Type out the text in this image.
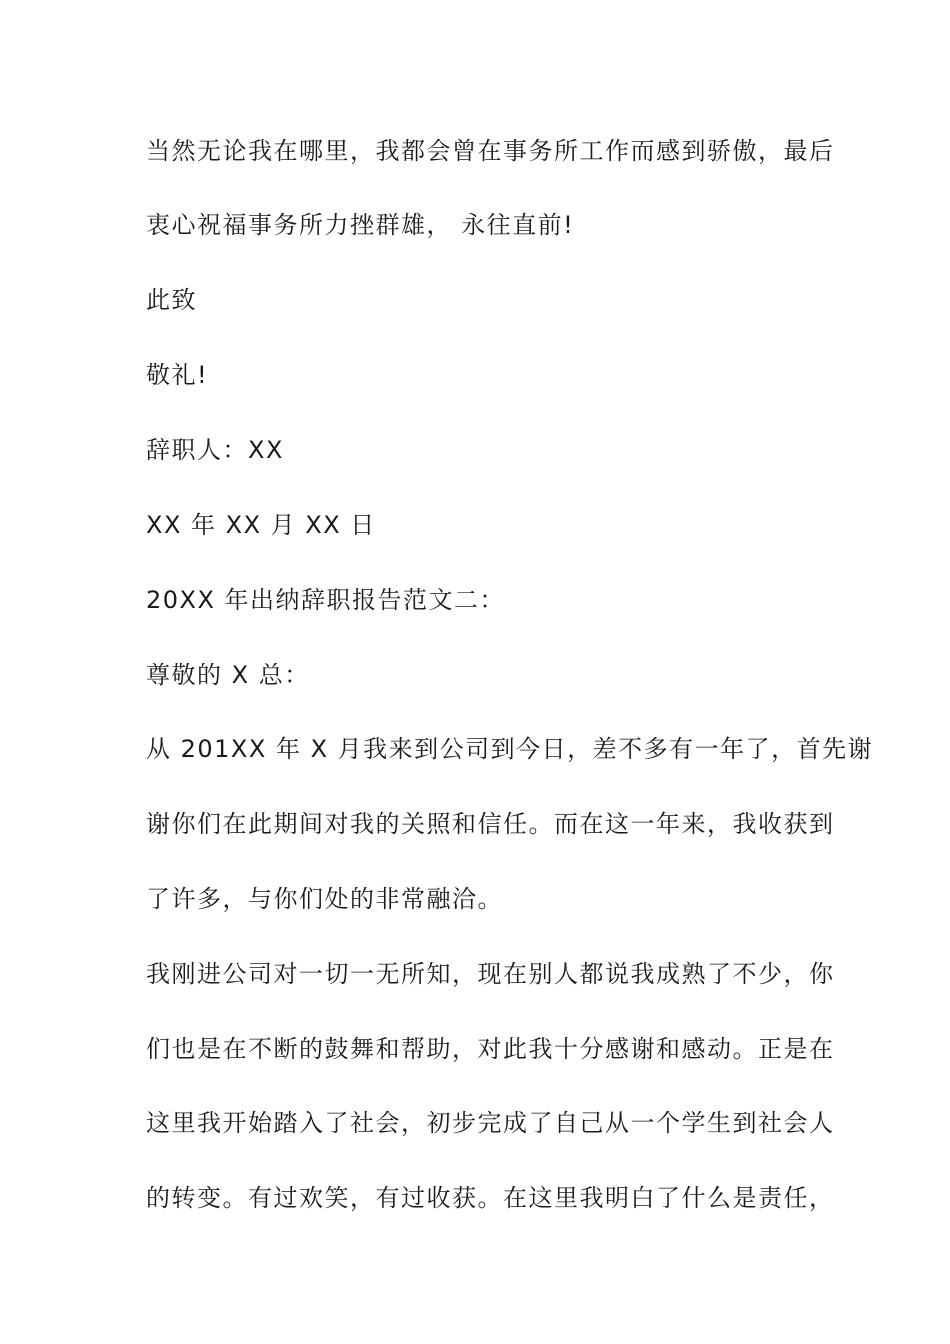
当然无论我在哪里，我都会曾在事务所工作而感到骄傲，最后
衷心祝福事务所力挫群雄， 永往直前!
此致
敬礼!
辞职人：XX
XX 年 XX 月 XX 日
20XX 年出纳辞职报告范文二：
尊敬的 X 总：
从 201XX 年 X 月我来到公司到今日，差不多有一年了，首先谢
谢你们在此期间对我的关照和信任。而在这一年来，我收获到
了许多，与你们处的非常融洽。
我刚进公司对一切一无所知，现在别人都说我成熟了不少，你
们也是在不断的鼓舞和帮助，对此我十分感谢和感动。正是在
这里我开始踏入了社会，初步完成了自己从一个学生到社会人
的转变。有过欢笑，有过收获。在这里我明白了什么是责任，
